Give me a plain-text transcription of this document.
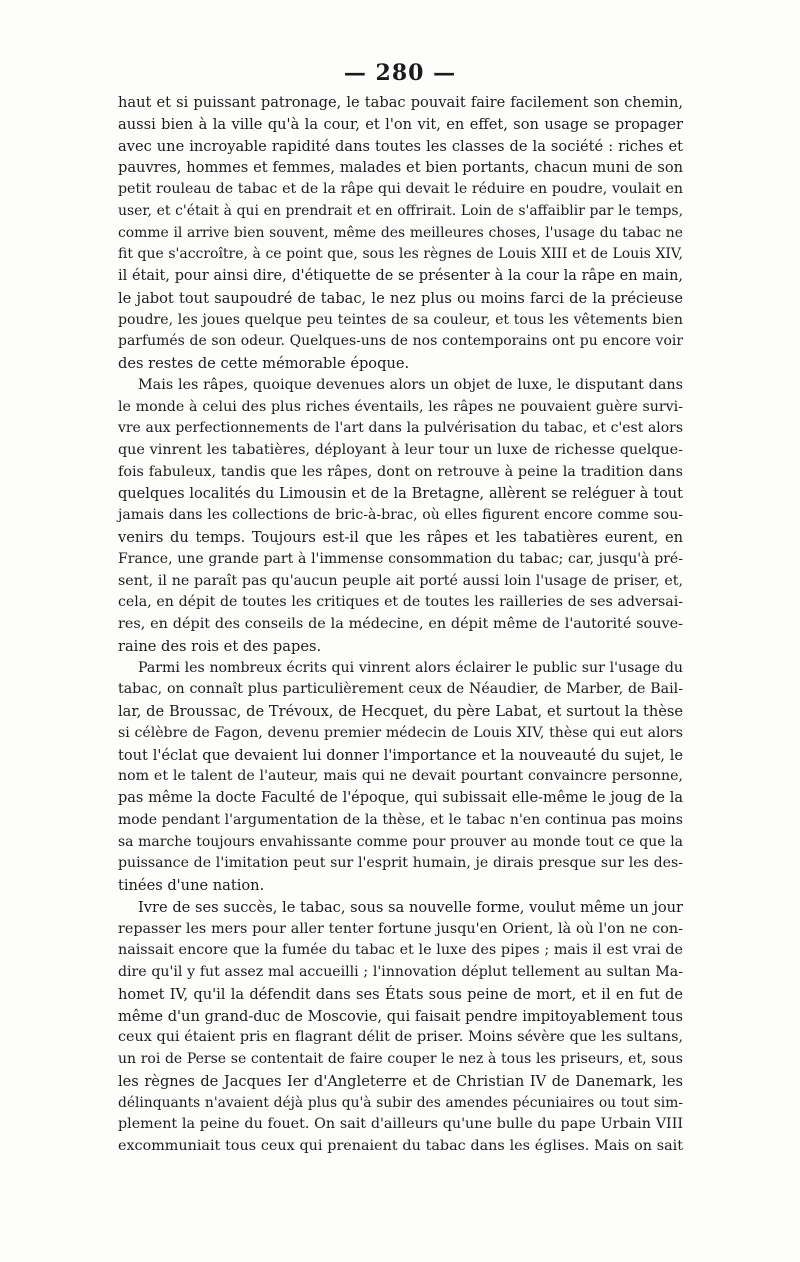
— 280 —
haut et si puissant patronage, le tabac pouvait faire facilement son chemin,
aussi bien à la ville qu'à la cour, et l'on vit, en effet, son usage se propager
avec une incroyable rapidité dans toutes les classes de la société : riches et
pauvres, hommes et femmes, malades et bien portants, chacun muni de son
petit rouleau de tabac et de la râpe qui devait le réduire en poudre, voulait en
user, et c'était à qui en prendrait et en offrirait. Loin de s'affaiblir par le temps,
comme il arrive bien souvent, même des meilleures choses, l'usage du tabac ne
fit que s'accroître, à ce point que, sous les règnes de Louis XIII et de Louis XIV,
il était, pour ainsi dire, d'étiquette de se présenter à la cour la râpe en main,
le jabot tout saupoudré de tabac, le nez plus ou moins farci de la précieuse
poudre, les joues quelque peu teintes de sa couleur, et tous les vêtements bien
parfumés de son odeur. Quelques-uns de nos contemporains ont pu encore voir
des restes de cette mémorable époque.
Mais les râpes, quoique devenues alors un objet de luxe, le disputant dans
le monde à celui des plus riches éventails, les râpes ne pouvaient guère survi-
vre aux perfectionnements de l'art dans la pulvérisation du tabac, et c'est alors
que vinrent les tabatières, déployant à leur tour un luxe de richesse quelque-
fois fabuleux, tandis que les râpes, dont on retrouve à peine la tradition dans
quelques localités du Limousin et de la Bretagne, allèrent se reléguer à tout
jamais dans les collections de bric-à-brac, où elles figurent encore comme sou-
venirs du temps. Toujours est-il que les râpes et les tabatières eurent, en
France, une grande part à l'immense consommation du tabac; car, jusqu'à pré-
sent, il ne paraît pas qu'aucun peuple ait porté aussi loin l'usage de priser, et,
cela, en dépit de toutes les critiques et de toutes les railleries de ses adversai-
res, en dépit des conseils de la médecine, en dépit même de l'autorité souve-
raine des rois et des papes.
Parmi les nombreux écrits qui vinrent alors éclairer le public sur l'usage du
tabac, on connaît plus particulièrement ceux de Néaudier, de Marber, de Bail-
lar, de Broussac, de Trévoux, de Hecquet, du père Labat, et surtout la thèse
si célèbre de Fagon, devenu premier médecin de Louis XIV, thèse qui eut alors
tout l'éclat que devaient lui donner l'importance et la nouveauté du sujet, le
nom et le talent de l'auteur, mais qui ne devait pourtant convaincre personne,
pas même la docte Faculté de l'époque, qui subissait elle-même le joug de la
mode pendant l'argumentation de la thèse, et le tabac n'en continua pas moins
sa marche toujours envahissante comme pour prouver au monde tout ce que la
puissance de l'imitation peut sur l'esprit humain, je dirais presque sur les des-
tinées d'une nation.
Ivre de ses succès, le tabac, sous sa nouvelle forme, voulut même un jour
repasser les mers pour aller tenter fortune jusqu'en Orient, là où l'on ne con-
naissait encore que la fumée du tabac et le luxe des pipes ; mais il est vrai de
dire qu'il y fut assez mal accueilli ; l'innovation déplut tellement au sultan Ma-
homet IV, qu'il la défendit dans ses États sous peine de mort, et il en fut de
même d'un grand-duc de Moscovie, qui faisait pendre impitoyablement tous
ceux qui étaient pris en flagrant délit de priser. Moins sévère que les sultans,
un roi de Perse se contentait de faire couper le nez à tous les priseurs, et, sous
les règnes de Jacques Ier d'Angleterre et de Christian IV de Danemark, les
délinquants n'avaient déjà plus qu'à subir des amendes pécuniaires ou tout sim-
plement la peine du fouet. On sait d'ailleurs qu'une bulle du pape Urbain VIII
excommuniait tous ceux qui prenaient du tabac dans les églises. Mais on sait
